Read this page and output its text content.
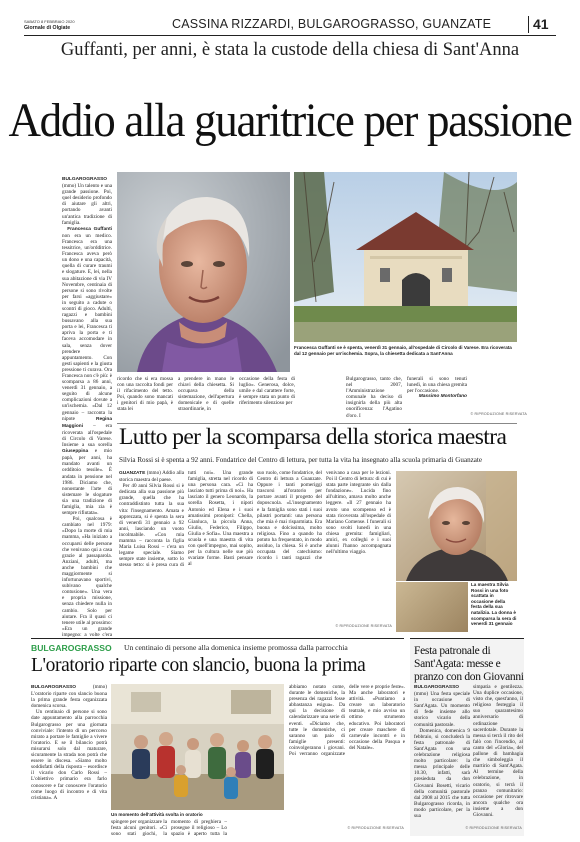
SABATO 8 FEBBRAIO 2020
Giornale di Olgiate	CASSINA RIZZARDI, BULGAROGRASSO, GUANZATE	41
Guffanti, per anni, è stata la custode della chiesa di Sant'Anna
Addio alla guaritrice per passione
BULGAROGRASSO (mmo) Un talento e una grande passione. Poi, quel desiderio profondo di aiutare gli altri, portando avanti un'antica tradizione di famiglia.
Francesca Guffanti non era un medico. Francesca era una tessitrice, un'ordditrice. Francesca aveva però un dono e una capacità, quella di curare traumi e slogature. E, lei, nella sua abitazione di via IV Novembre, centinaia di persone si sono rivolte per farsi «aggiustare» in seguito a cadute o scontri di gioco. Adulti, ragazzi e bambini bussavano alla sua porta e lei, Francesca ti apriva la porta e ti faceva accomodare in sala, senza dover prendere appuntamento. Con gesti sapienti e la giusta pressione ti curava. Ora Francesca non c'è più: è scomparsa a 86 anni, venerdì 31 gennaio, a seguito di alcune complicazioni dovute a un'ischemia. «Dal 12 gennaio – racconta la nipote	Regina Maggioni – era ricoverata all'ospedale di Circolo di Varese. Insieme a sua sorella Giuseppina e mio papà, per anni, ha mandato avanti un ordditoio tessile». È andata in pensione nel 1986. Diciamo che, nonostante l'arte di sistemare le slogature sia una tradizione di famiglia, mia zia è sempre rifiutata».
Poi, qualcosa è cambiato nel 1979: «Dopo la morte di mia mamma, «Ha iniziato a occuparsi delle persone che venivano qui a casa grazie al passaparola. Anziani, adulti, ma anche bambini che maggiormente si infortunavano sportivi, subivano qualche contusione». Una vera e propria missione, senza chiedere nulla in cambio. Solo per aiutare. Fra il quasi ci tenere utile al prossimo: «Era un grande impegno: a volte c'era
Francesca Guffanti se è spenta, venerdì 31 gennaio, all'ospedale di Circolo di Varese. Era ricoverata dal 12 gennaio per un'ischemia. Sopra, la chiesetta dedicata a Sant'Anna
ricordo che si era mossa con una raccolta fondi per il rifacimento del tetto. Poi, quando sono mancati i genitori di mio papà, è stata lei
a prendere in mano le chiavi della chiesetta. Si occupava della sistemazione, dell'apertura domenicale e di quelle straordinarie, in
occasione della festa di luglio». Generosa, dolce, umile e dal carattere forte, è sempre stata un punto di riferimento silenzioso per
Bulgarograsso, tanto che, nel 2007, l'Amministrazione comunale ha deciso di insignirla della più alta onorificenza: l'Agatino d'oro. I
funerali si sono tenuti lunedì, in una chiesa gremita per l'occasione.

Massimo Montorfano
© RIPRODUZIONE RISERVATA
Lutto per la scomparsa della storica maestra
Silvia Rossi si è spenta a 92 anni. Fondatrice del Centro di lettura, per tutta la vita ha insegnato alla scuola primaria di Guanzate
GUANZATE (mmo) Addio alla storica maestra del paese.
Per 40 anni Silvia Rossi si è dedicata alla sua passione più grande, quella che ha contraddistinto tutta la sua vita: l'insegnamento. Amata e apprezzata, si è spenta la sera di venerdì 31 gennaio a 92 anni, lasciando un vuoto incolmabile. «Con mia mamma – racconta la figlia Maria Luisa Rossi – c'era un legame speciale. Siamo sempre state insieme, sotto lo stesso tetto: si è presa cura di tutti noi». Una grande famiglia, stretta nel ricordo di una persona cara. «Ci ha lasciato tutti prima di noi». Ha lasciato il genero Leonardo, la sorella Rosetta, i nipoti Antonio ed Elena e i suoi amatissimi pronipoti: Chella, Gianluca, la piccola Anna, Giulio, Federico, Filippo, Giulia e Sofia». Una maestra a scuola e una maestra di vita con quell'impegno, mai sopito, per la cultura nelle sue più svariate forme. Basti pensare al
suo ruolo, come fondatrice, del Centro di lettura a Guanzate. Oppure i tanti pomeriggi trascorsi all'oratorio per portare avanti il progetto del doposcuola. «L'insegnamento e la famiglia sono stati i suoi pilastri portanti: una persona che mia è mai risparmiata. Era buona e dolcissima, molto religiosa. Fino a quando ha potuto ha frequentato, in modo assiduo, la chiesa. Si è anche occupata del catechismo: ricordo i tanti ragazzi che venivano a casa per le lezioni. Poi il Centro di lettura: di cui è stata parte integrante sin dalla fondazione». Lucida fino all'ultimo, amava molto anche leggere. «Il 27 gennaio ha avuto uno scompenso ed è stata ricoverata all'ospedale di Mariano Comense. I funerali si sono svolti lunedì in una chiesa gremita: famigliari, amici, ex colleghi e i suoi alunni l'hanno accompagnata nell'ultimo viaggio.
© RIPRODUZIONE RISERVATA
La maestra Silvia Rossi in una foto scattata in occasione della festa della sua natalizia. La donna è scomparsa la sera di venerdì 31 gennaio
BULGAROGRASSO Un centinaio di persone alla domenica insieme promossa dalla parrocchia
L'oratorio riparte con slancio, buona la prima
BULGAROGRASSO	(mmo) L'oratorio riparte con slancio buona la prima grande festa organizzata domenica scorsa.
Un centinaio di persone si sono date appuntamento alla parrocchia Bulgarograsso per una giornata conviviale: l'intento di un percorso mirato a portare le famiglie a vivere l'oratorio. E se il bilancio potrà misurarsi solo dal maturare, sicuramente la strada non potrà che essere in discesa. «Siamo molto soddisfatti della risposta – esordisce il vicario don Carlo Rossi – L'obiettivo primario era farlo conoscere e far conoscere l'oratorio come luogo di incontro e di vita cristiana». A
Un momento dell'attività svolta in oratorio
spingere per organizzare la festa alcuni genitori. «Ci sono stati giochi, la
momento di preghiera – prosegue il religioso – Lo spazio è aperto tutta la
abbiamo notato come, durante le domeniche, la presenza dei ragazzi fosse abbastanza esigua». Da qui la decisione di calendarizzare una serie di eventi. «Diciamo che, tutte le domeniche, ci saranno un paio di famiglie presenti: coinvolgeranno i giovani. Poi verranno organizzate delle vere e proprie feste». Ma anche laboratori e attività. «Puntiamo a creare un laboratorio teatrale, e mio avviso un ottimo strumento educativo. Poi laboratori per creare maschere di carnevale incontri e in occasione della Pasqua e del Natale».
© RIPRODUZIONE RISERVATA
Festa patronale di Sant'Agata: messe e pranzo con don Giovanni
BULGAROGRASSO (mmo) Una festa speciale in occasione di Sant'Agata. Un momento di fede insieme allo storico vicario della comunità pastorale.
Domenica, domenica 9 febbraio, si concluderà la festa patronale di Sant'Agata con una celebrazione religiosa molto particolare: la messa principale delle 10.30, infatti, sarà presieduta da don Giovanni Bosetti, vicario della comunità pastorale dal 2008 al 2015 che tutta Bulgarograsso ricorda, in modo particolare, per la sua
simpatia e gentilezza. Una duplice occasione, visto che, quest'anno, il religioso festeggia il suo quarantesimo anniversario di ordinazione sacerdotale. Durante la messa si terrà il rito del falò con l'incendio, al canto del «Gloria», del pallone di bambagia che simboleggia il martirio di Sant'Agata. Al termine della celebrazione, in oratorio, si terrà il pranzo comunitario: occasione per ritrovare ancora qualche ora insieme a don Giovanni.
© RIPRODUZIONE RISERVATA
